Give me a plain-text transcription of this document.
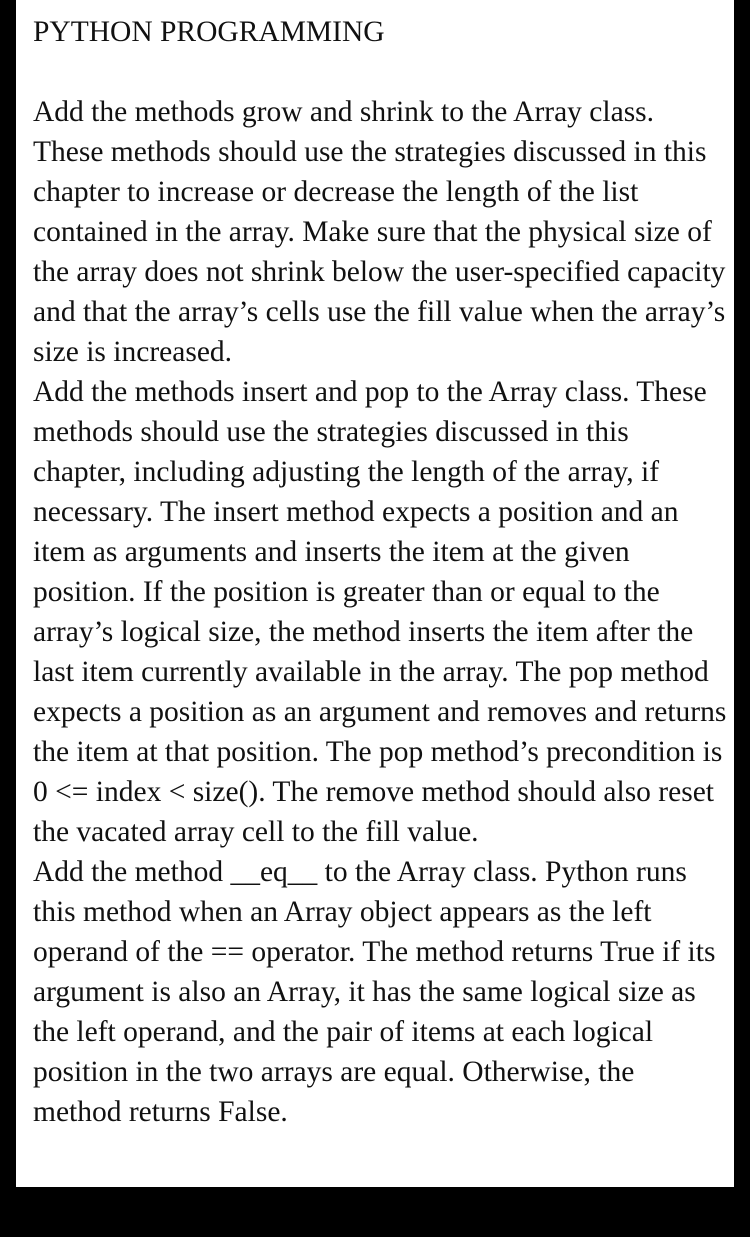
PYTHON PROGRAMMING

Add the methods grow and shrink to the Array class. These methods should use the strategies discussed in this chapter to increase or decrease the length of the list contained in the array. Make sure that the physical size of the array does not shrink below the user-specified capacity and that the array’s cells use the fill value when the array’s size is increased.

Add the methods insert and pop to the Array class. These methods should use the strategies discussed in this chapter, including adjusting the length of the array, if necessary. The insert method expects a position and an item as arguments and inserts the item at the given position. If the position is greater than or equal to the array’s logical size, the method inserts the item after the last item currently available in the array. The pop method expects a position as an argument and removes and returns the item at that position. The pop method’s precondition is 0 <= index < size(). The remove method should also reset the vacated array cell to the fill value.

Add the method __eq__ to the Array class. Python runs this method when an Array object appears as the left operand of the == operator. The method returns True if its argument is also an Array, it has the same logical size as the left operand, and the pair of items at each logical position in the two arrays are equal. Otherwise, the method returns False.
